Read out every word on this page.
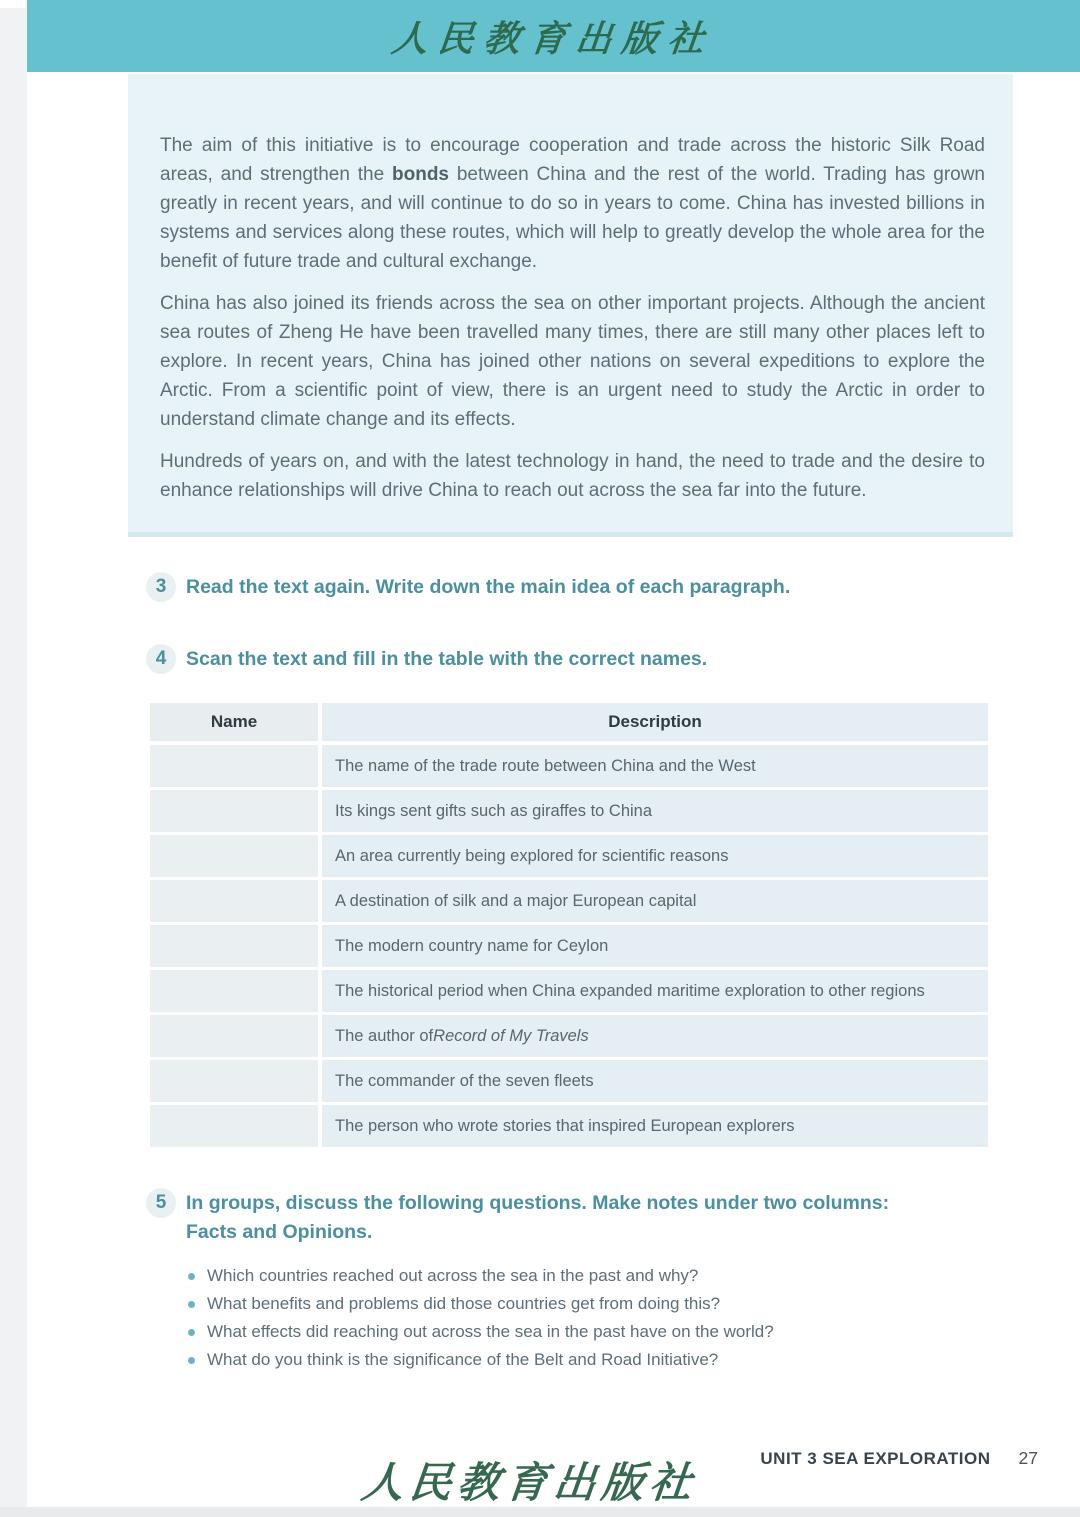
人民教育出版社

The aim of this initiative is to encourage cooperation and trade across the historic Silk Road areas, and strengthen the bonds between China and the rest of the world. Trading has grown greatly in recent years, and will continue to do so in years to come. China has invested billions in systems and services along these routes, which will help to greatly develop the whole area for the benefit of future trade and cultural exchange.

China has also joined its friends across the sea on other important projects. Although the ancient sea routes of Zheng He have been travelled many times, there are still many other places left to explore. In recent years, China has joined other nations on several expeditions to explore the Arctic. From a scientific point of view, there is an urgent need to study the Arctic in order to understand climate change and its effects.

Hundreds of years on, and with the latest technology in hand, the need to trade and the desire to enhance relationships will drive China to reach out across the sea far into the future.

3	Read the text again. Write down the main idea of each paragraph.
4	Scan the text and fill in the table with the correct names.
Name	Description
The name of the trade route between China and the West
Its kings sent gifts such as giraffes to China
An area currently being explored for scientific reasons
A destination of silk and a major European capital
The modern country name for Ceylon
The historical period when China expanded maritime exploration to other regions
The author of Record of My Travels
The commander of the seven fleets
The person who wrote stories that inspired European explorers
5	In groups, discuss the following questions. Make notes under two columns:
Facts and Opinions.
Which countries reached out across the sea in the past and why?
What benefits and problems did those countries get from doing this?
What effects did reaching out across the sea in the past have on the world?
What do you think is the significance of the Belt and Road Initiative?
UNIT 3 SEA EXPLORATION 27
人民教育出版社
